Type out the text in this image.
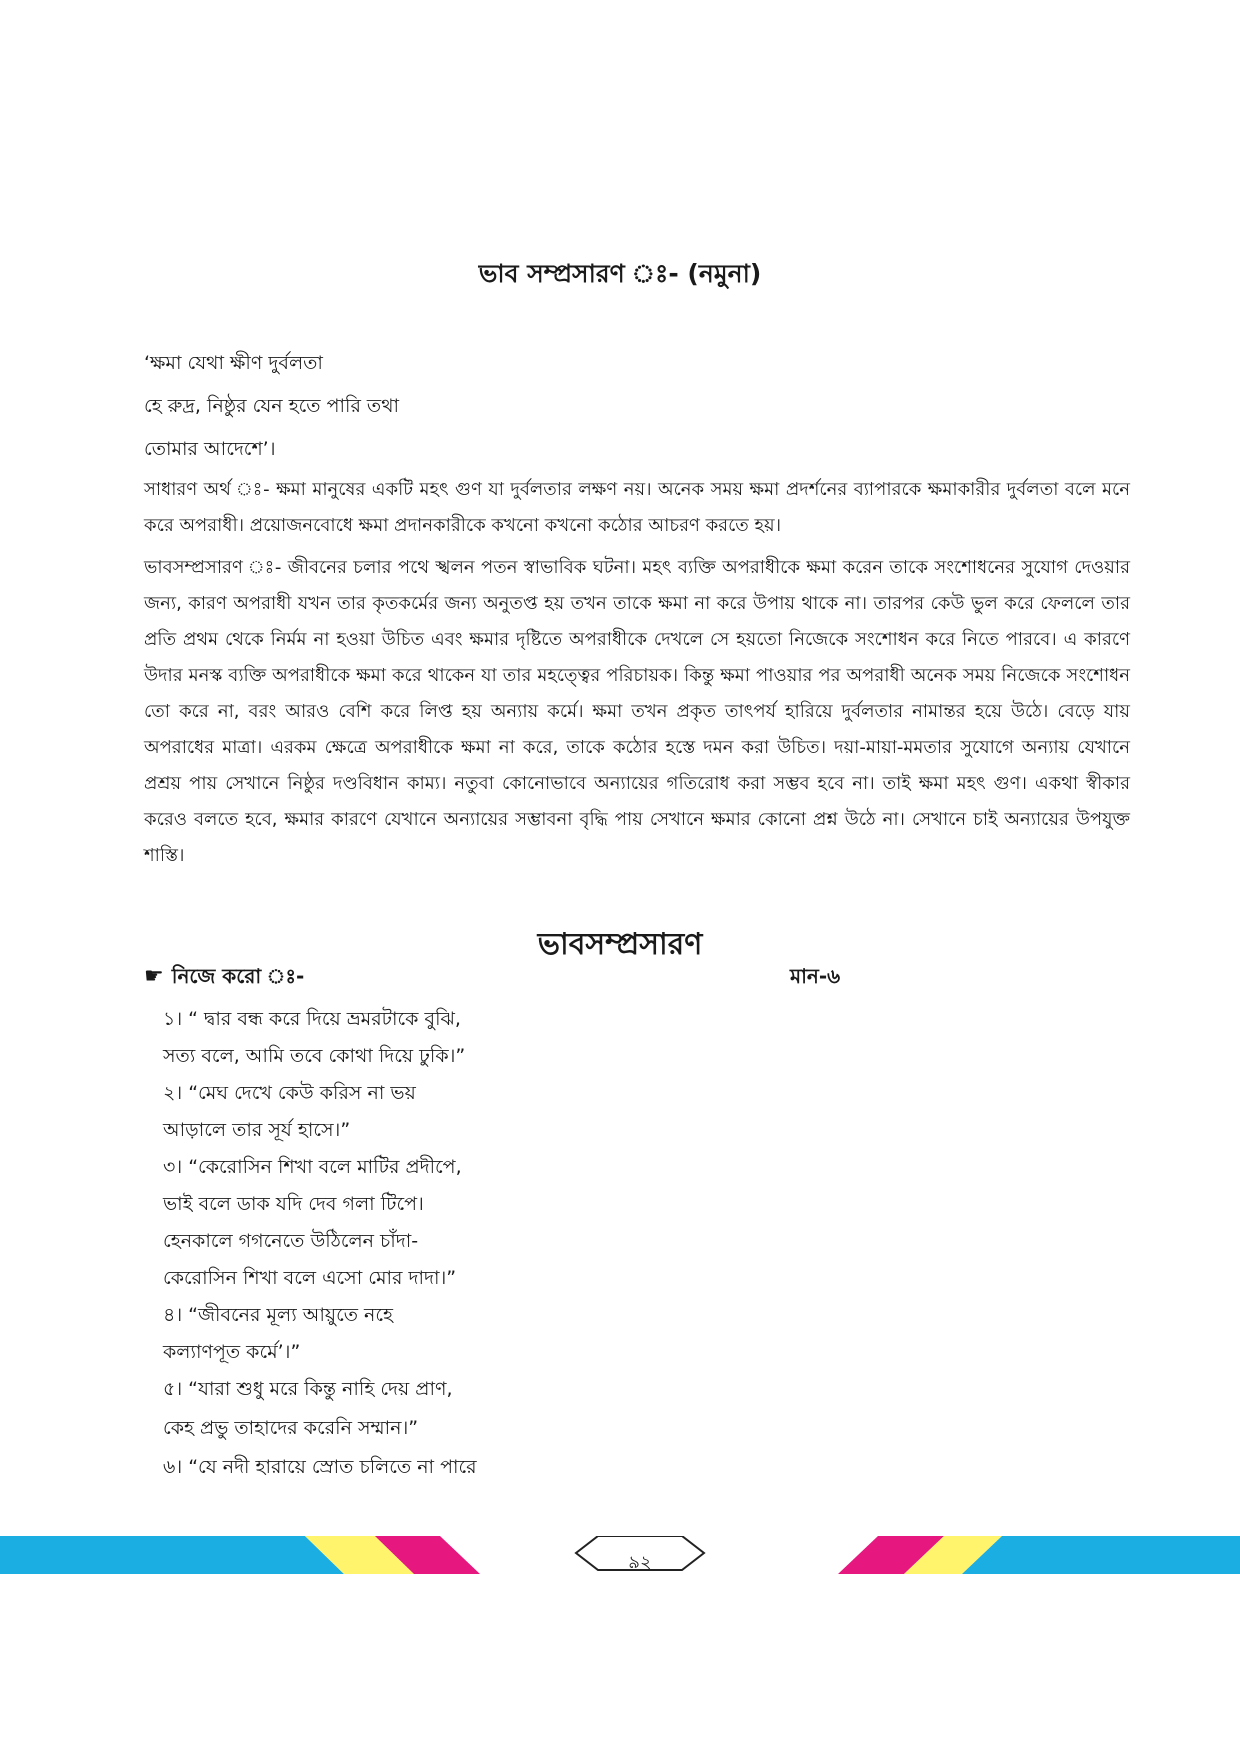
ভাব সম্প্রসারণ ঃ- (নমুনা)
‘ক্ষমা যেথা ক্ষীণ দুর্বলতা
হে রুদ্র, নিষ্ঠুর যেন হতে পারি তথা
তোমার আদেশে’।
সাধারণ অর্থ ঃ- ক্ষমা মানুষের একটি মহৎ গুণ যা দুর্বলতার লক্ষণ নয়। অনেক সময় ক্ষমা প্রদর্শনের ব্যাপারকে ক্ষমাকারীর দুর্বলতা বলে মনে করে অপরাধী। প্রয়োজনবোধে ক্ষমা প্রদানকারীকে কখনো কখনো কঠোর আচরণ করতে হয়।
ভাবসম্প্রসারণ ঃ- জীবনের চলার পথে স্খলন পতন স্বাভাবিক ঘটনা। মহৎ ব্যক্তি অপরাধীকে ক্ষমা করেন তাকে সংশোধনের সুযোগ দেওয়ার জন্য, কারণ অপরাধী যখন তার কৃতকর্মের জন্য অনুতপ্ত হয় তখন তাকে ক্ষমা না করে উপায় থাকে না। তারপর কেউ ভুল করে ফেললে তার প্রতি প্রথম থেকে নির্মম না হওয়া উচিত এবং ক্ষমার দৃষ্টিতে অপরাধীকে দেখলে সে হয়তো নিজেকে সংশোধন করে নিতে পারবে। এ কারণে উদার মনস্ক ব্যক্তি অপরাধীকে ক্ষমা করে থাকেন যা তার মহত্ত্বের পরিচায়ক। কিন্তু ক্ষমা পাওয়ার পর অপরাধী অনেক সময় নিজেকে সংশোধন তো করে না, বরং আরও বেশি করে লিপ্ত হয় অন্যায় কর্মে। ক্ষমা তখন প্রকৃত তাৎপর্য হারিয়ে দুর্বলতার নামান্তর হয়ে উঠে। বেড়ে যায় অপরাধের মাত্রা। এরকম ক্ষেত্রে অপরাধীকে ক্ষমা না করে, তাকে কঠোর হস্তে দমন করা উচিত। দয়া-মায়া-মমতার সুযোগে অন্যায় যেখানে প্রশ্রয় পায় সেখানে নিষ্ঠুর দণ্ডবিধান কাম্য। নতুবা কোনোভাবে অন্যায়ের গতিরোধ করা সম্ভব হবে না। তাই ক্ষমা মহৎ গুণ। একথা স্বীকার করেও বলতে হবে, ক্ষমার কারণে যেখানে অন্যায়ের সম্ভাবনা বৃদ্ধি পায় সেখানে ক্ষমার কোনো প্রশ্ন উঠে না। সেখানে চাই অন্যায়ের উপযুক্ত শাস্তি।
ভাবসম্প্রসারণ
☛ নিজে করো ঃ-	মান-৬
১। “ দ্বার বন্ধ করে দিয়ে ভ্রমরটাকে বুঝি,
সত্য বলে, আমি তবে কোথা দিয়ে ঢুকি।”
২। “মেঘ দেখে কেউ করিস না ভয়
আড়ালে তার সূর্য হাসে।”
৩। “কেরোসিন শিখা বলে মাটির প্রদীপে,
ভাই বলে ডাক যদি দেব গলা টিপে।
হেনকালে গগনেতে উঠিলেন চাঁদা-
কেরোসিন শিখা বলে এসো মোর দাদা।”
৪। “জীবনের মূল্য আয়ুতে নহে
কল্যাণপূত কর্মে’।”
৫। “যারা শুধু মরে কিন্তু নাহি দেয় প্রাণ,
কেহ প্রভু তাহাদের করেনি সম্মান।”
৬। “যে নদী হারায়ে স্রোত চলিতে না পারে
৯২
